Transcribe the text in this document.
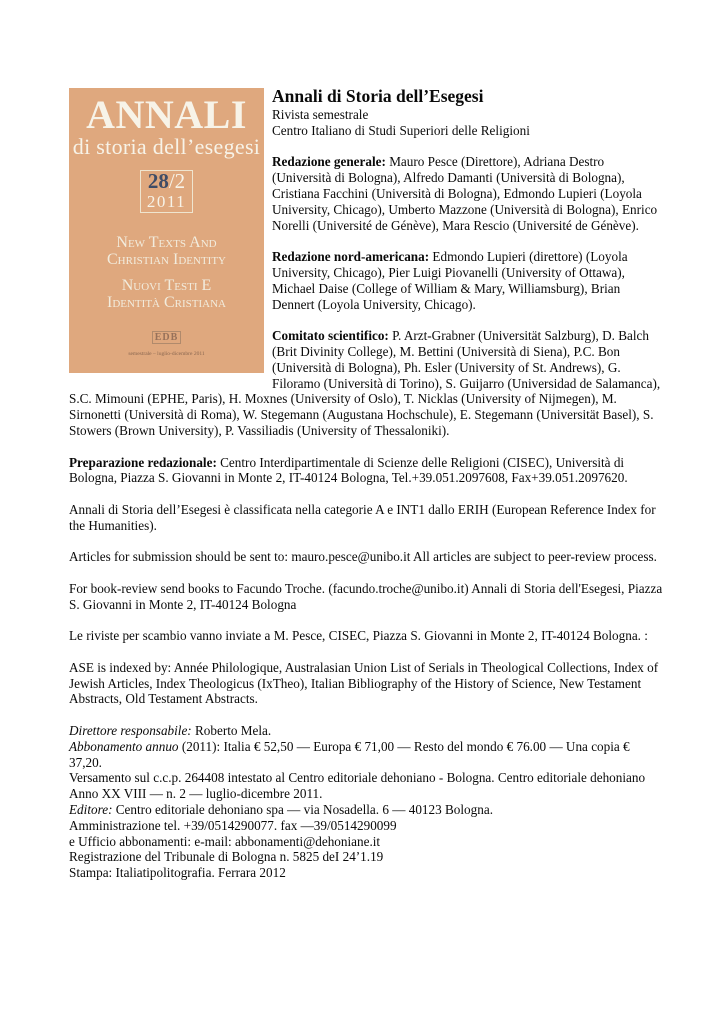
ANNALI
di storia dell’esegesi
28/2
2011
New Texts And
Christian Identity
Nuovi Testi E
Identità Cristiana
EDB
semestrale – luglio-dicembre 2011
Annali di Storia dell’Esegesi
Rivista semestrale
Centro Italiano di Studi Superiori delle Religioni

Redazione generale: Mauro Pesce (Direttore), Adriana Destro (Università di Bologna), Alfredo Damanti (Università di Bologna), Cristiana Facchini (Università di Bologna), Edmondo Lupieri (Loyola University, Chicago), Umberto Mazzone (Università di Bologna), Enrico Norelli (Université de Génève), Mara Rescio (Université de Génève).

Redazione nord-americana: Edmondo Lupieri (direttore) (Loyola University, Chicago), Pier Luigi Piovanelli (University of Ottawa), Michael Daise (College of William & Mary, Williamsburg), Brian Dennert (Loyola University, Chicago).

Comitato scientifico: P. Arzt-Grabner (Universität Salzburg), D. Balch (Brit Divinity College), M. Bettini (Università di Siena), P.C. Bon (Università di Bologna), Ph. Esler (University of St. Andrews), G. Filoramo (Università di Torino), S. Guijarro (Universidad de Salamanca), S.C. Mimouni (EPHE, Paris), H. Moxnes (University of Oslo), T. Nicklas (University of Nijmegen), M. Sirnonetti (Università di Roma), W. Stegemann (Augustana Hochschule), E. Stegemann (Universität Basel), S. Stowers (Brown University), P. Vassiliadis (University of Thessaloniki).

Preparazione redazionale: Centro Interdipartimentale di Scienze delle Religioni (CISEC), Università di Bologna, Piazza S. Giovanni in Monte 2, IT-40124 Bologna, Tel.+39.051.2097608, Fax+39.051.2097620.

Annali di Storia dell’Esegesi è classificata nella categorie A e INT1 dallo ERIH (European Reference Index for the Humanities).

Articles for submission should be sent to: mauro.pesce@unibo.it All articles are subject to peer-review process.

For book-review send books to Facundo Troche. (facundo.troche@unibo.it) Annali di Storia dell'Esegesi, Piazza S. Giovanni in Monte 2, IT-40124 Bologna

Le riviste per scambio vanno inviate a M. Pesce, CISEC, Piazza S. Giovanni in Monte 2, IT-40124 Bologna. :

ASE is indexed by: Année Philologique, Australasian Union List of Serials in Theological Collections, Index of Jewish Articles, Index Theologicus (IxTheo), Italian Bibliography of the History of Science, New Testament Abstracts, Old Testament Abstracts.

Direttore responsabile: Roberto Mela.
Abbonamento annuo (2011): Italia € 52,50 — Europa € 71,00 — Resto del mondo € 76.00 — Una copia € 37,20.
Versamento sul c.c.p. 264408 intestato al Centro editoriale dehoniano - Bologna. Centro editoriale dehoniano
Anno XX VIII — n. 2 — luglio-dicembre 2011.
Editore: Centro editoriale dehoniano spa — via Nosadella. 6 — 40123 Bologna.
Amministrazione tel. +39/0514290077. fax —39/0514290099
e Ufficio abbonamenti: e-mail: abbonamenti@dehoniane.it
Registrazione del Tribunale di Bologna n. 5825 deI 24’1.19
Stampa: Italiatipolitografia. Ferrara 2012
